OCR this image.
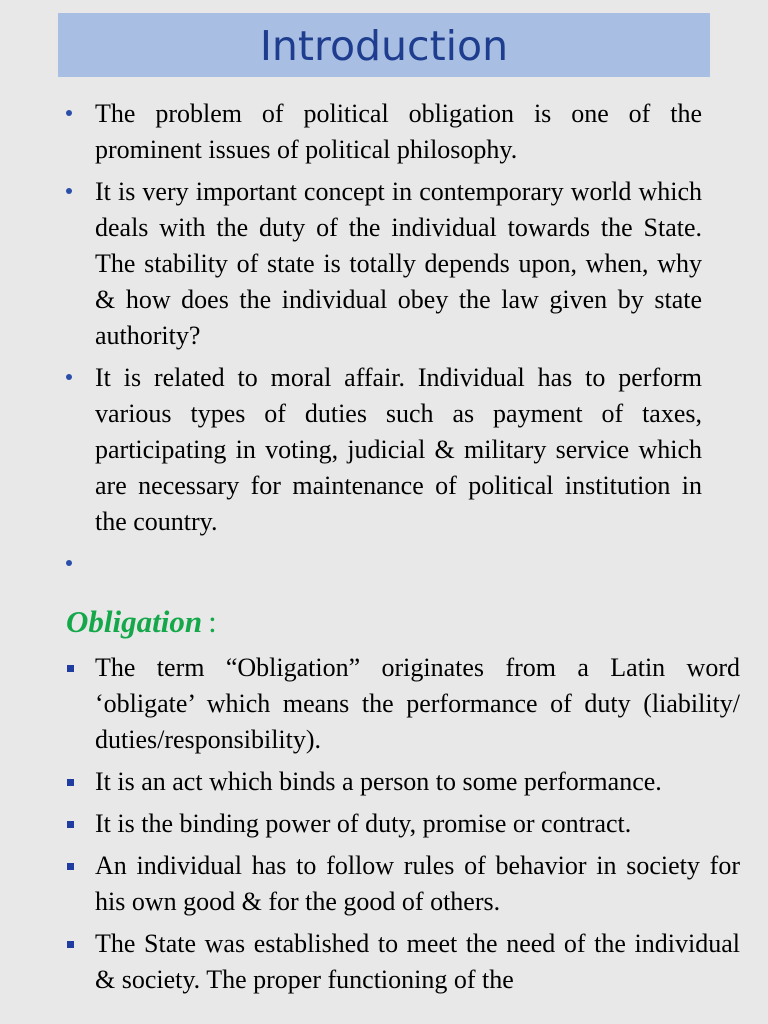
Introduction
The problem of political obligation is one of the prominent issues of political philosophy.
It is very important concept in contemporary world which deals with the duty of the individual towards the State. The stability of state is totally depends upon, when, why & how does the individual obey the law given by state authority?
It is related to moral affair. Individual has to perform various types of duties such as payment of taxes, participating in voting, judicial & military service which are necessary for maintenance of political institution in the country.
Obligation :
The term “Obligation” originates from a Latin word ‘obligate’ which means the performance of duty (liability/ duties/responsibility).
It is an act which binds a person to some performance.
It is the binding power of duty, promise or contract.
An individual has to follow rules of behavior in society for his own good & for the good of others.
The State was established to meet the need of the individual & society. The proper functioning of the
